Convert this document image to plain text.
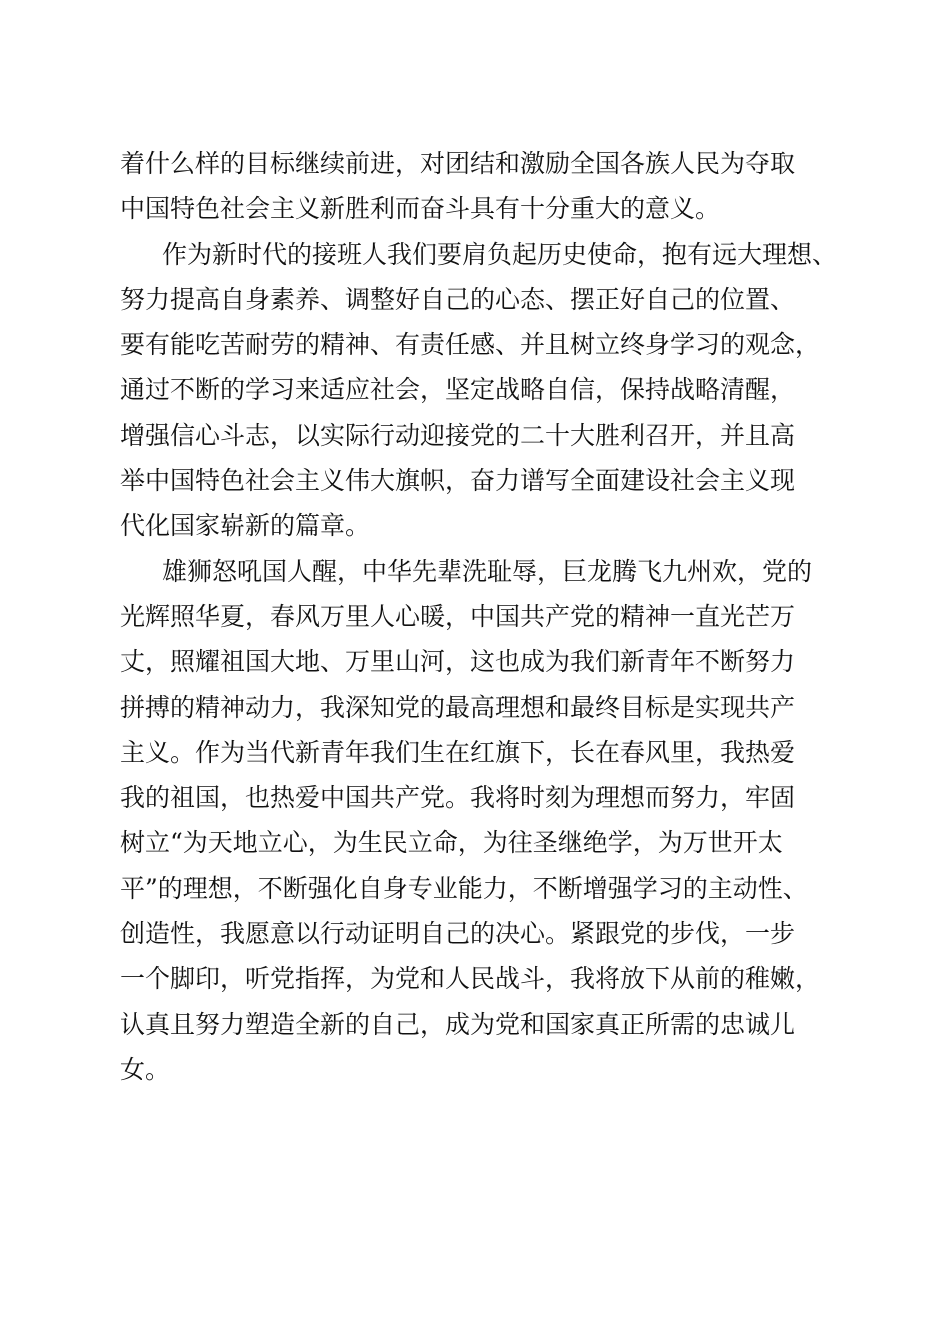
着什么样的目标继续前进，对团结和激励全国各族人民为夺取

中国特色社会主义新胜利而奋斗具有十分重大的意义。

作为新时代的接班人我们要肩负起历史使命，抱有远大理想、

努力提高自身素养、调整好自己的心态、摆正好自己的位置、

要有能吃苦耐劳的精神、有责任感、并且树立终身学习的观念，

通过不断的学习来适应社会，坚定战略自信，保持战略清醒，

增强信心斗志，以实际行动迎接党的二十大胜利召开，并且高

举中国特色社会主义伟大旗帜，奋力谱写全面建设社会主义现

代化国家崭新的篇章。

雄狮怒吼国人醒，中华先辈洗耻辱，巨龙腾飞九州欢，党的

光辉照华夏，春风万里人心暖，中国共产党的精神一直光芒万

丈，照耀祖国大地、万里山河，这也成为我们新青年不断努力

拼搏的精神动力，我深知党的最高理想和最终目标是实现共产

主义。作为当代新青年我们生在红旗下，长在春风里，我热爱

我的祖国，也热爱中国共产党。我将时刻为理想而努力，牢固

树立“为天地立心，为生民立命，为往圣继绝学，为万世开太

平”的理想，不断强化自身专业能力，不断增强学习的主动性、

创造性，我愿意以行动证明自己的决心。紧跟党的步伐，一步

一个脚印，听党指挥，为党和人民战斗，我将放下从前的稚嫩，

认真且努力塑造全新的自己，成为党和国家真正所需的忠诚儿

女。
